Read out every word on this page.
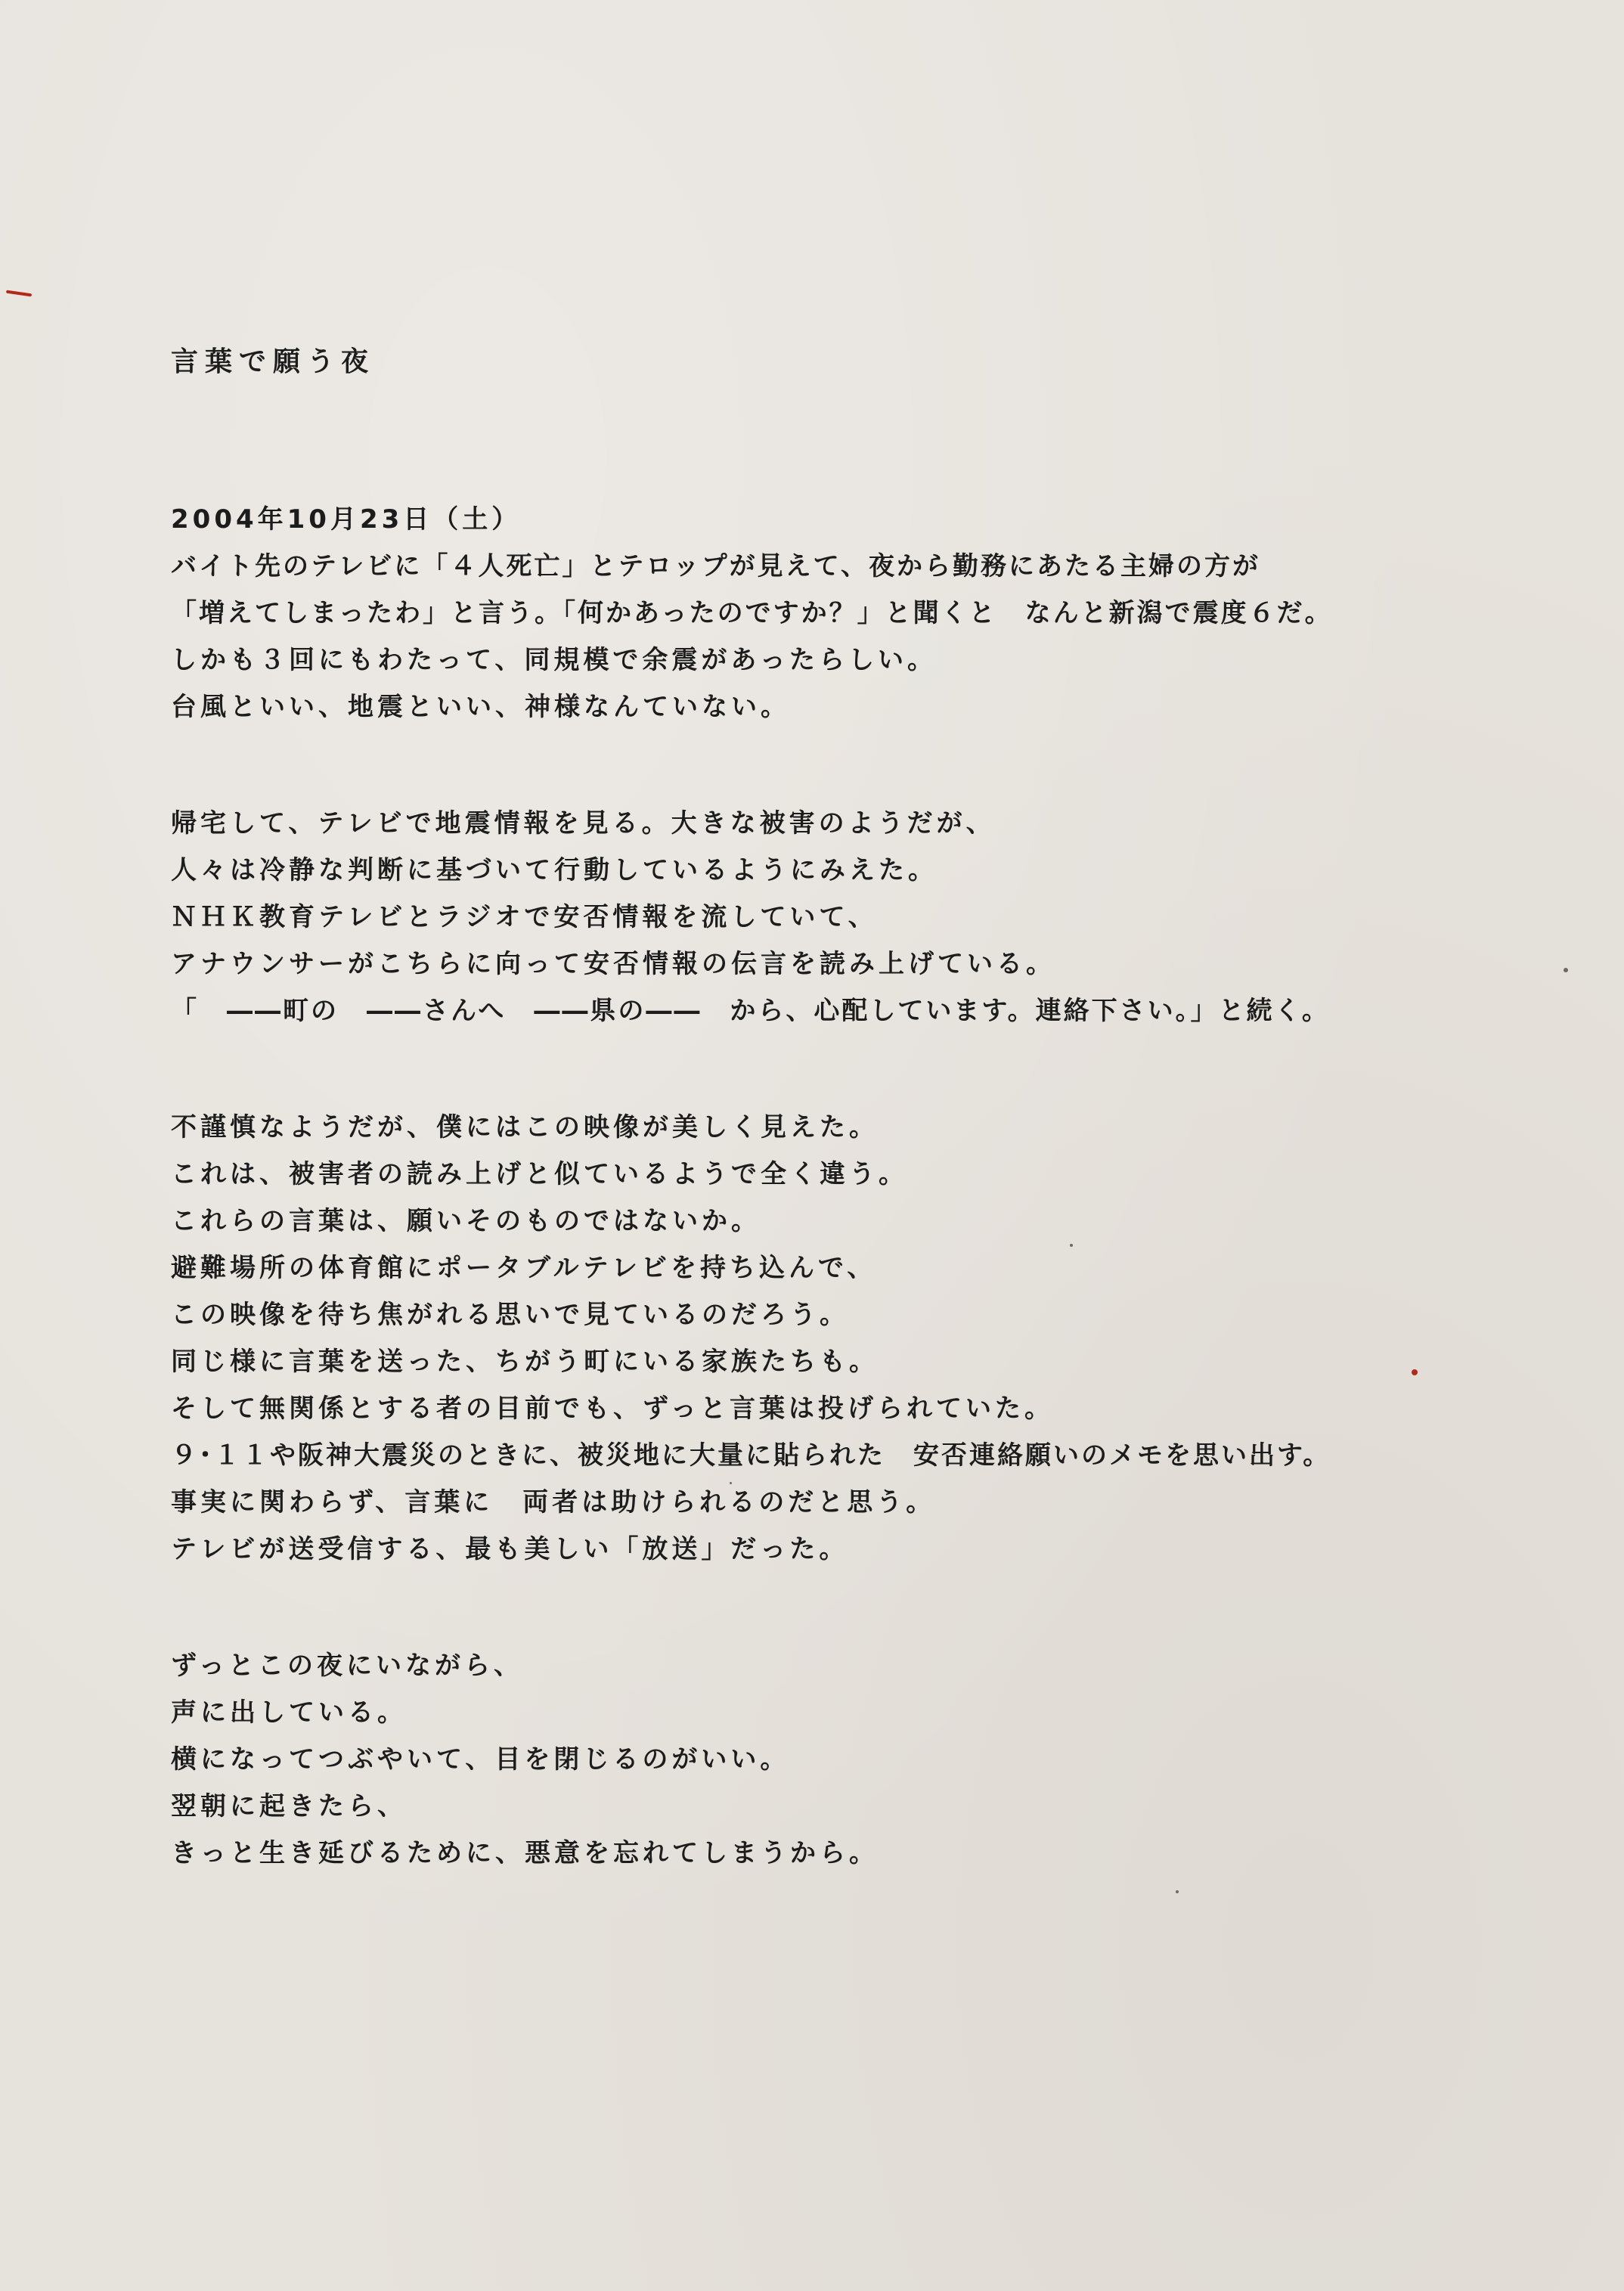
言葉で願う夜
2004年10月23日（土）
バイト先のテレビに「４人死亡」とテロップが見えて、夜から勤務にあたる主婦の方が
「増えてしまったわ」と言う。「何かあったのですか？」と聞くと　なんと新潟で震度６だ。
しかも３回にもわたって、同規模で余震があったらしい。
台風といい、地震といい、神様なんていない。
帰宅して、テレビで地震情報を見る。大きな被害のようだが、
人々は冷静な判断に基づいて行動しているようにみえた。
ＮＨＫ教育テレビとラジオで安否情報を流していて、
アナウンサーがこちらに向って安否情報の伝言を読み上げている。
「　――町の　――さんへ　――県の――　から、心配しています。連絡下さい。」と続く。
不謹慎なようだが、僕にはこの映像が美しく見えた。
これは、被害者の読み上げと似ているようで全く違う。
これらの言葉は、願いそのものではないか。
避難場所の体育館にポータブルテレビを持ち込んで、
この映像を待ち焦がれる思いで見ているのだろう。
同じ様に言葉を送った、ちがう町にいる家族たちも。
そして無関係とする者の目前でも、ずっと言葉は投げられていた。
９･１１や阪神大震災のときに、被災地に大量に貼られた　安否連絡願いのメモを思い出す。
事実に関わらず、言葉に　両者は助けられるのだと思う。
テレビが送受信する、最も美しい「放送」だった。
ずっとこの夜にいながら、
声に出している。
横になってつぶやいて、目を閉じるのがいい。
翌朝に起きたら、
きっと生き延びるために、悪意を忘れてしまうから。
